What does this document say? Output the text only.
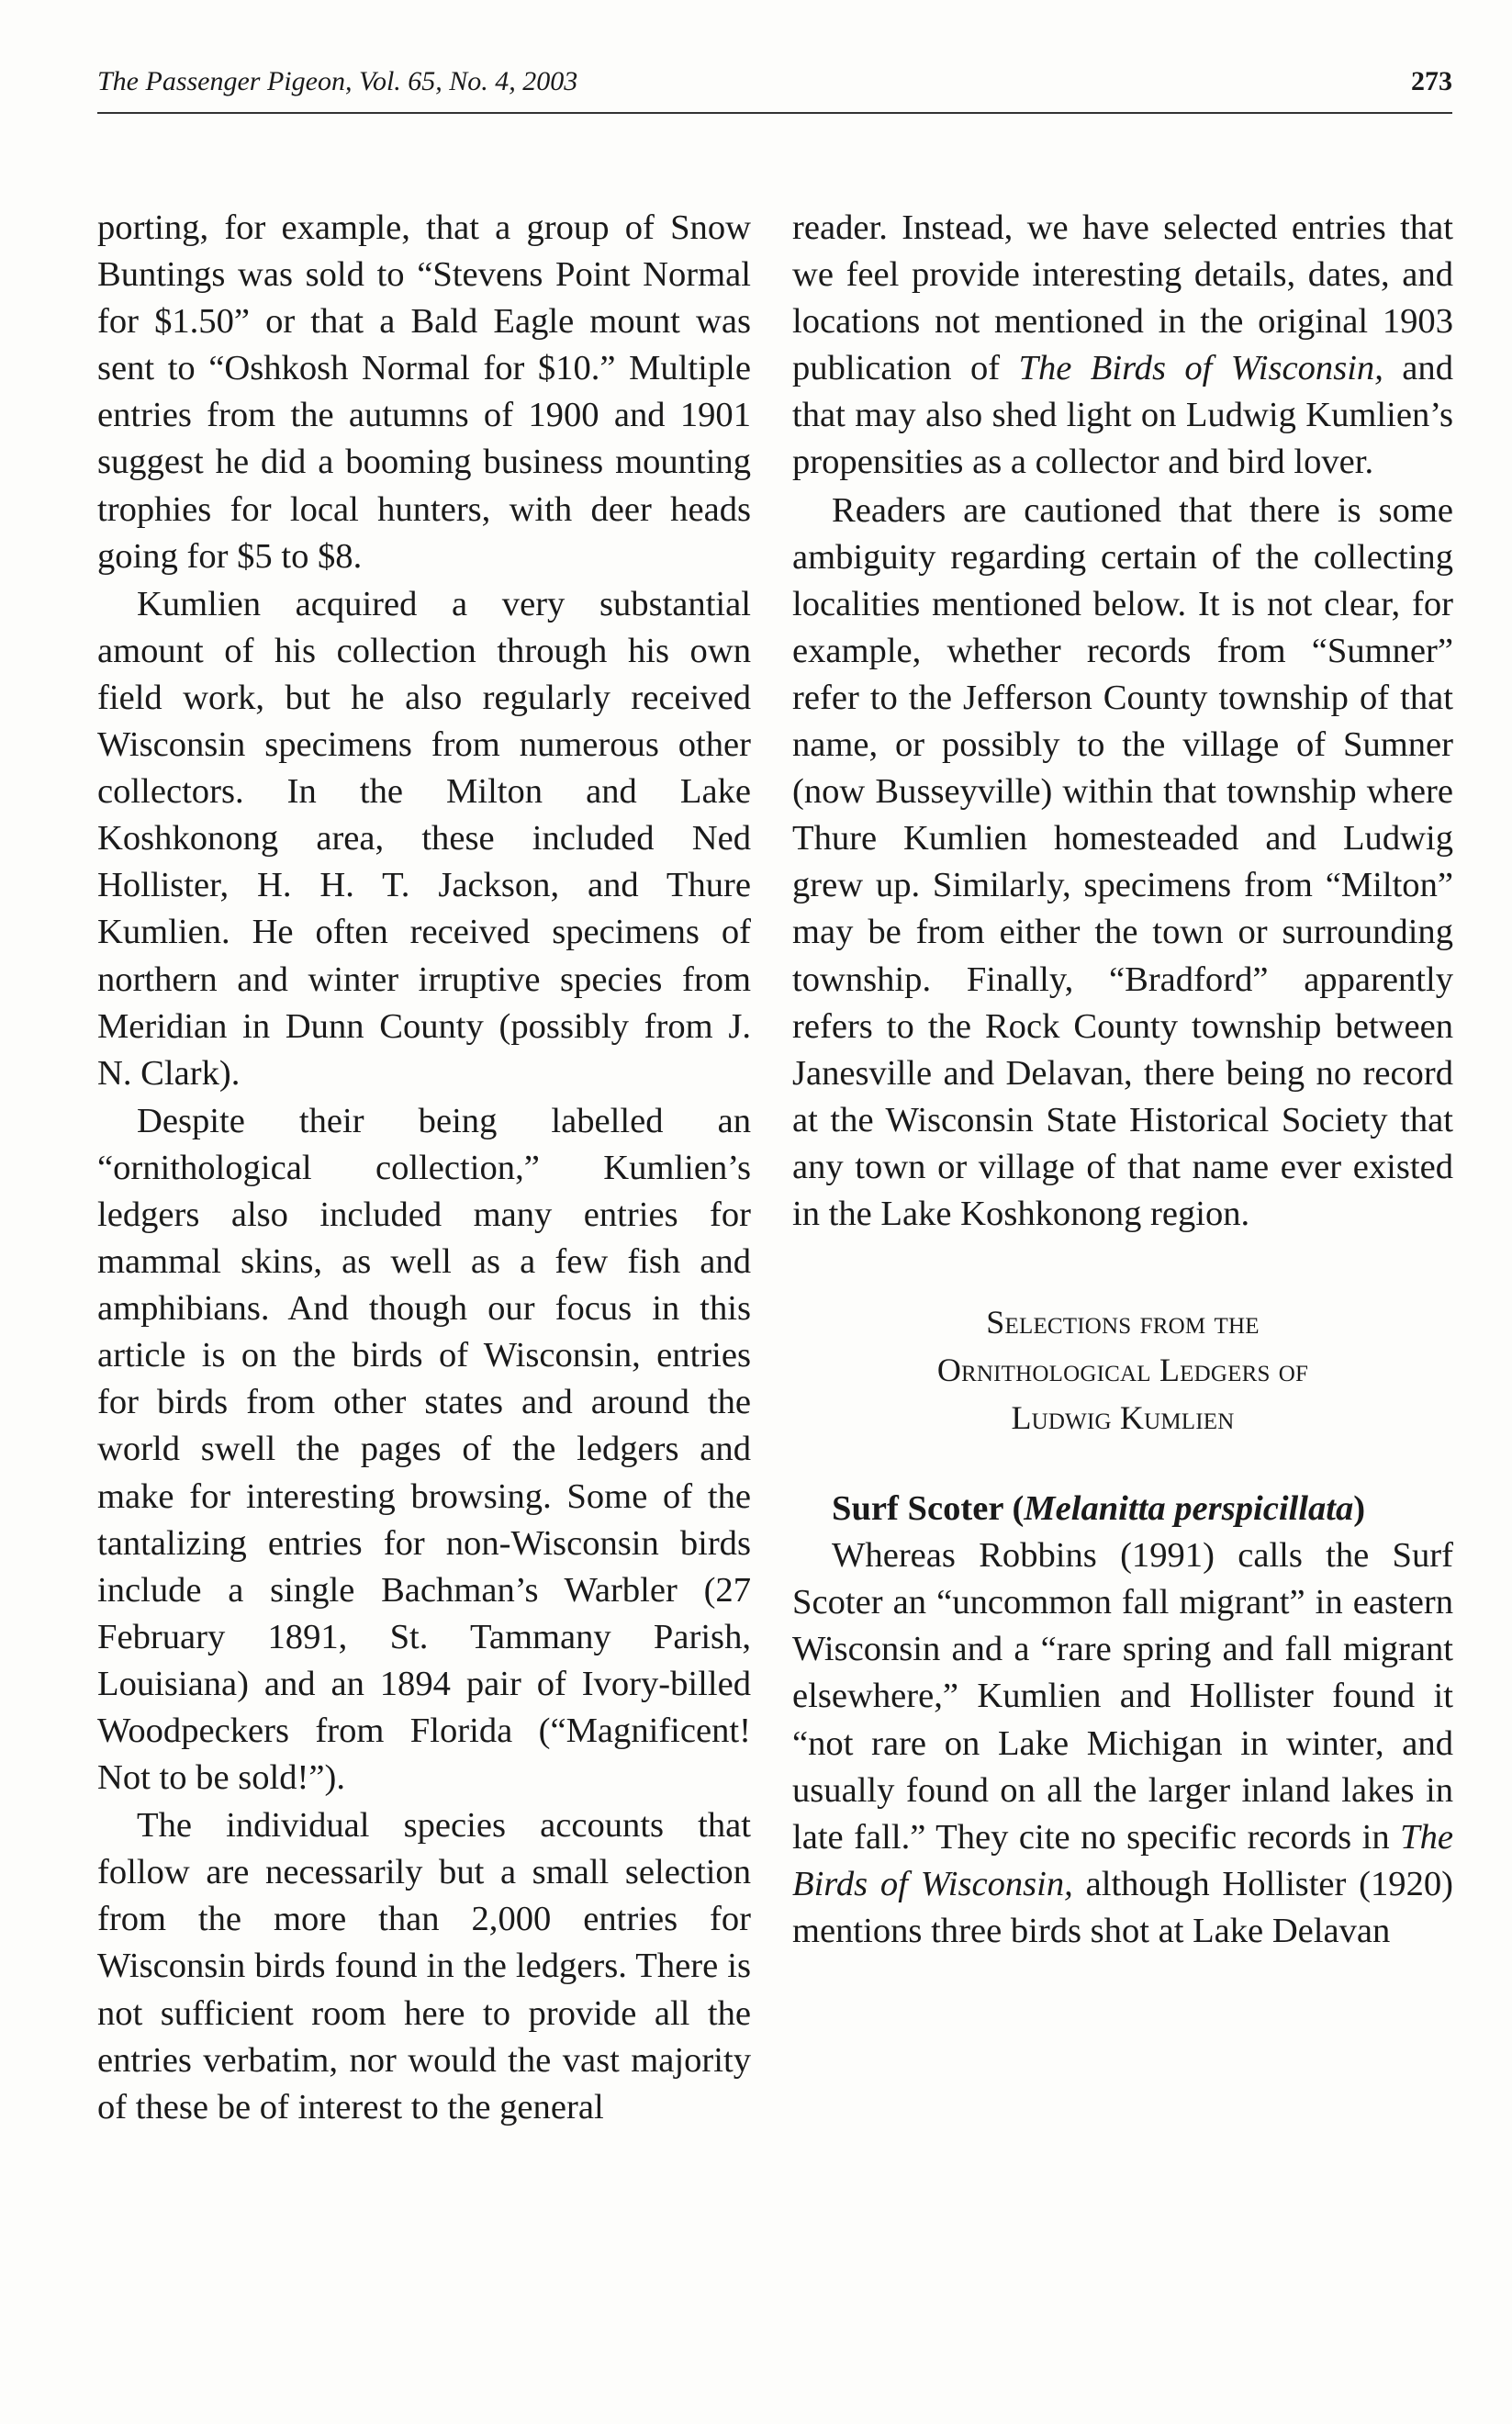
The Passenger Pigeon, Vol. 65, No. 4, 2003	273

porting, for example, that a group of Snow Buntings was sold to “Stevens Point Normal for $1.50” or that a Bald Eagle mount was sent to “Oshkosh Normal for $10.” Multiple entries from the autumns of 1900 and 1901 suggest he did a booming business mounting trophies for local hunters, with deer heads going for $5 to $8.

Kumlien acquired a very substantial amount of his collection through his own field work, but he also regularly received Wisconsin specimens from numerous other collectors. In the Milton and Lake Koshkonong area, these included Ned Hollister, H. H. T. Jackson, and Thure Kumlien. He often received specimens of northern and winter irruptive species from Meridian in Dunn County (possibly from J. N. Clark).

Despite their being labelled an “ornithological collection,” Kumlien’s ledgers also included many entries for mammal skins, as well as a few fish and amphibians. And though our focus in this article is on the birds of Wisconsin, entries for birds from other states and around the world swell the pages of the ledgers and make for interesting browsing. Some of the tantalizing entries for non-Wisconsin birds include a single Bachman’s Warbler (27 February 1891, St. Tammany Parish, Louisiana) and an 1894 pair of Ivory-billed Woodpeckers from Florida (“Magnificent! Not to be sold!”).

The individual species accounts that follow are necessarily but a small selection from the more than 2,000 entries for Wisconsin birds found in the ledgers. There is not sufficient room here to provide all the entries verbatim, nor would the vast majority of these be of interest to the general

reader. Instead, we have selected entries that we feel provide interesting details, dates, and locations not mentioned in the original 1903 publication of The Birds of Wisconsin, and that may also shed light on Ludwig Kumlien’s propensities as a collector and bird lover.

Readers are cautioned that there is some ambiguity regarding certain of the collecting localities mentioned below. It is not clear, for example, whether records from “Sumner” refer to the Jefferson County township of that name, or possibly to the village of Sumner (now Busseyville) within that township where Thure Kumlien homesteaded and Ludwig grew up. Similarly, specimens from “Milton” may be from either the town or surrounding township. Finally, “Bradford” apparently refers to the Rock County township between Janesville and Delavan, there being no record at the Wisconsin State Historical Society that any town or village of that name ever existed in the Lake Koshkonong region.

Selections from the
Ornithological Ledgers of
Ludwig Kumlien

Surf Scoter (Melanitta perspicillata)

Whereas Robbins (1991) calls the Surf Scoter an “uncommon fall migrant” in eastern Wisconsin and a “rare spring and fall migrant elsewhere,” Kumlien and Hollister found it “not rare on Lake Michigan in winter, and usually found on all the larger inland lakes in late fall.” They cite no specific records in The Birds of Wisconsin, although Hollister (1920) mentions three birds shot at Lake Delavan
